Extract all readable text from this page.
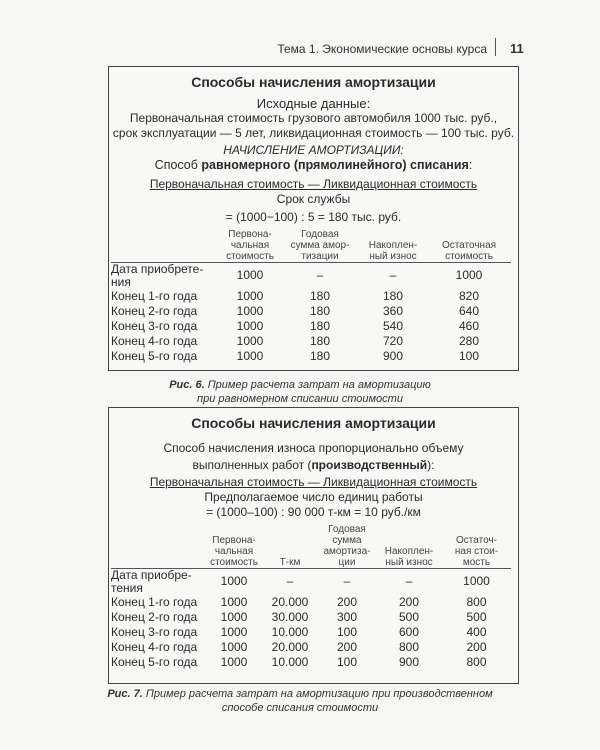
Тема 1. Экономические основы курса 11
Способы начисления амортизации
Исходные данные:
Первоначальная стоимость грузового автомобиля 1000 тыс. руб.,
срок эксплуатации — 5 лет, ликвидационная стоимость — 100 тыс. руб.
НАЧИСЛЕНИЕ АМОРТИЗАЦИИ:
Способ равномерного (прямолинейного) списания:
Первоначальная стоимость — Ликвидационная стоимость
Срок службы
= (1000−100) : 5 = 180 тыс. руб.
	Первона-
чальная
стоимость	Годовая
сумма амор-
тизации	Накоплен-
ный износ	Остаточная
стоимость
Дата приобрете-
ния	1000	–	–	1000
Конец 1-го года	1000	180	180	820
Конец 2-го года	1000	180	360	640
Конец 3-го года	1000	180	540	460
Конец 4-го года	1000	180	720	280
Конец 5-го года	1000	180	900	100
Рис. 6. Пример расчета затрат на амортизацию
при равномерном списании стоимости
Способы начисления амортизации
Способ начисления износа пропорционально объему
выполненных работ (производственный):
Первоначальная стоимость — Ликвидационная стоимость
Предполагаемое число единиц работы
= (1000–100) : 90 000 т-км = 10 руб./км
	Первона-
чальная
стоимость	Т-км	Годовая
сумма
амортиза-
ции	Накоплен-
ный износ	Остаточ-
ная стои-
мость
Дата приобре-
тения	1000	–	–	–	1000
Конец 1-го года	1000	20.000	200	200	800
Конец 2-го года	1000	30.000	300	500	500
Конец 3-го года	1000	10.000	100	600	400
Конец 4-го года	1000	20.000	200	800	200
Конец 5-го года	1000	10.000	100	900	800
Рис. 7. Пример расчета затрат на амортизацию при производственном
способе списания стоимости
